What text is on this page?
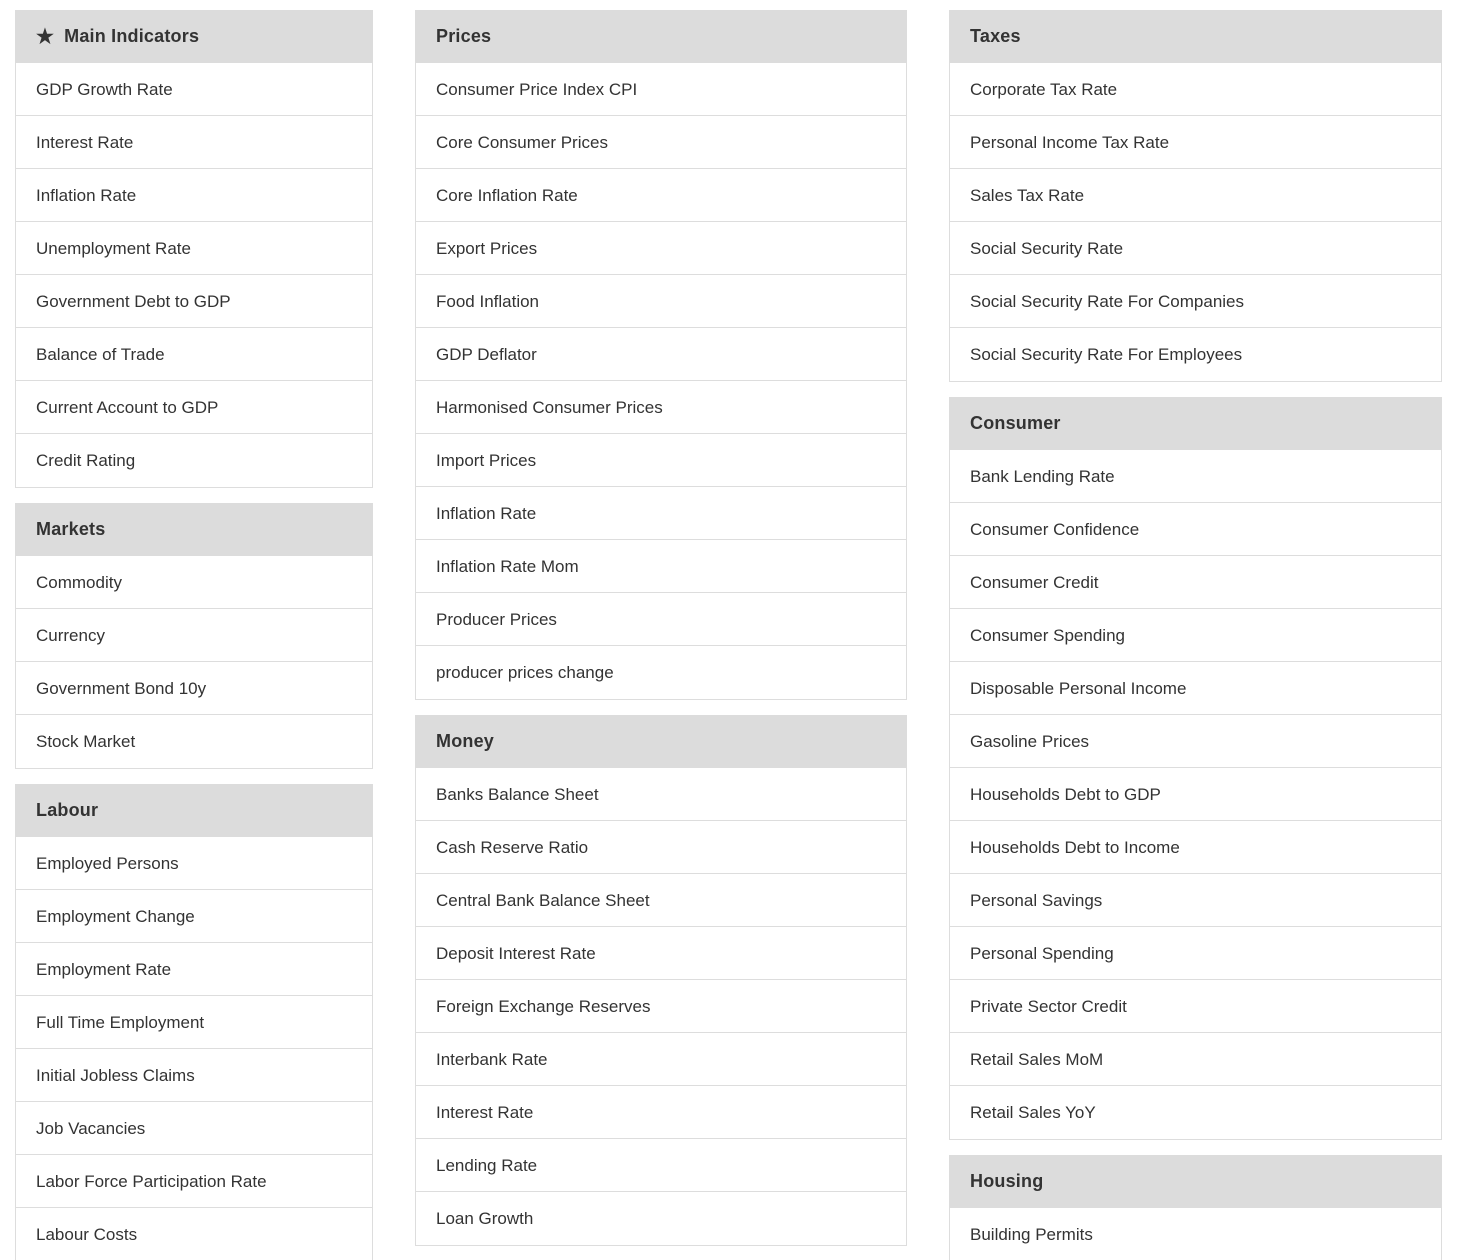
★ Main Indicators
GDP Growth Rate
Interest Rate
Inflation Rate
Unemployment Rate
Government Debt to GDP
Balance of Trade
Current Account to GDP
Credit Rating
Markets
Commodity
Currency
Government Bond 10y
Stock Market
Labour
Employed Persons
Employment Change
Employment Rate
Full Time Employment
Initial Jobless Claims
Job Vacancies
Labor Force Participation Rate
Labour Costs
Prices
Consumer Price Index CPI
Core Consumer Prices
Core Inflation Rate
Export Prices
Food Inflation
GDP Deflator
Harmonised Consumer Prices
Import Prices
Inflation Rate
Inflation Rate Mom
Producer Prices
producer prices change
Money
Banks Balance Sheet
Cash Reserve Ratio
Central Bank Balance Sheet
Deposit Interest Rate
Foreign Exchange Reserves
Interbank Rate
Interest Rate
Lending Rate
Loan Growth
Taxes
Corporate Tax Rate
Personal Income Tax Rate
Sales Tax Rate
Social Security Rate
Social Security Rate For Companies
Social Security Rate For Employees
Consumer
Bank Lending Rate
Consumer Confidence
Consumer Credit
Consumer Spending
Disposable Personal Income
Gasoline Prices
Households Debt to GDP
Households Debt to Income
Personal Savings
Personal Spending
Private Sector Credit
Retail Sales MoM
Retail Sales YoY
Housing
Building Permits
